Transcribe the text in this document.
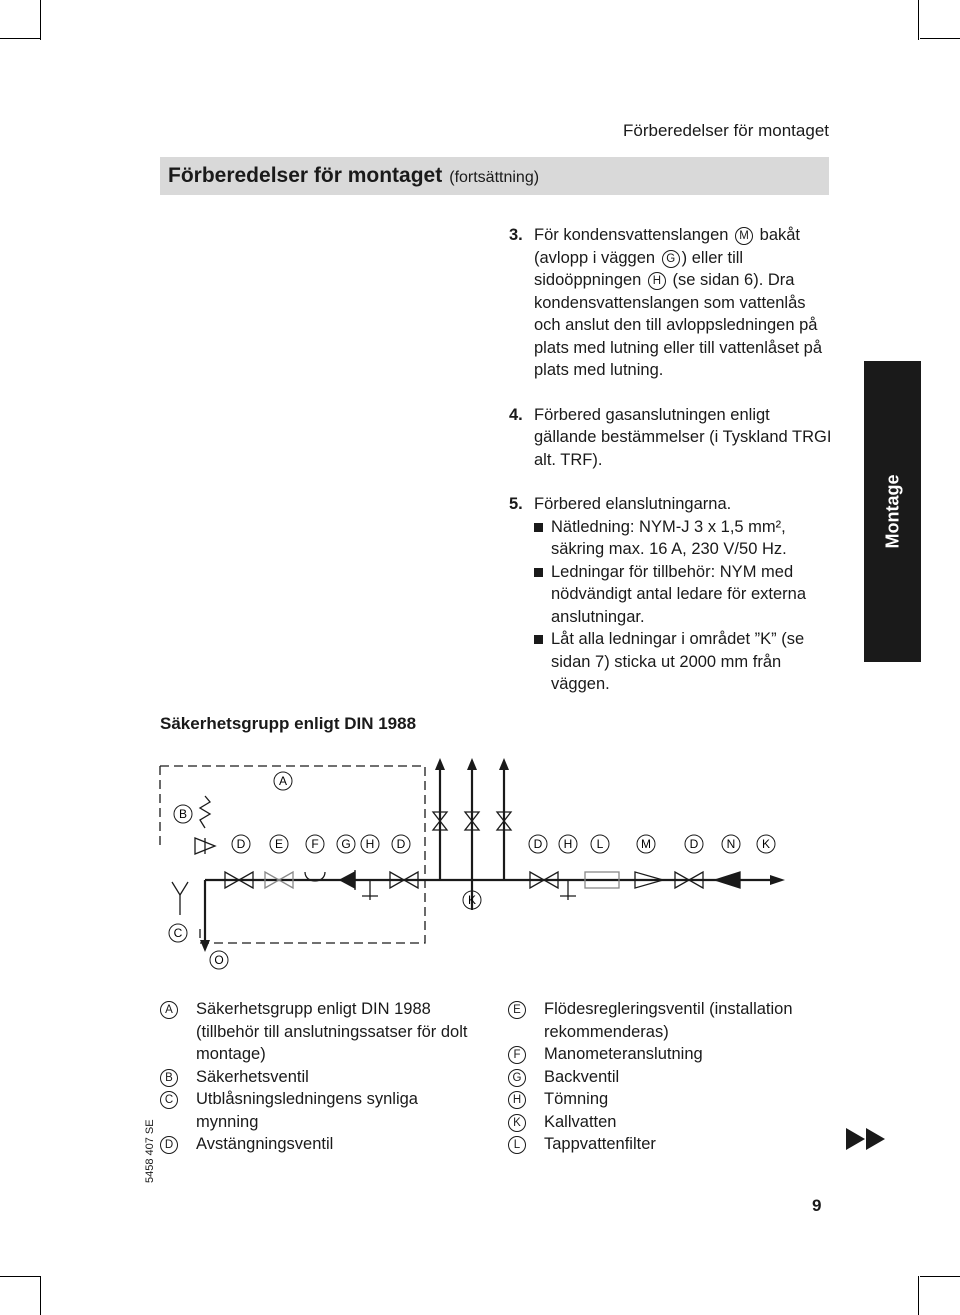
Förberedelser för montaget
Förberedelser för montaget (fortsättning)
3. För kondensvattenslangen M bakåt (avlopp i väggen G ) eller till sidoöppningen H (se sidan 6). Dra kondensvattenslangen som vattenlås och anslut den till avloppsledningen på plats med lutning eller till vattenlåset på plats med lutning.
4. Förbered gasanslutningen enligt gällande bestämmelser (i Tyskland TRGI alt. TRF).
5. Förbered elanslutningarna.
Nätledning: NYM-J 3 x 1,5 mm², säkring max. 16 A, 230 V/50 Hz.
Ledningar för tillbehör: NYM med nödvändigt antal ledare för externa anslutningar.
Låt alla ledningar i området ”K” (se sidan 7) sticka ut 2000 mm från väggen.
Montage
Säkerhetsgrupp enligt DIN 1988
A
B
C
D E F G H D	D H L	M	D N K
K
O
A	Säkerhetsgrupp enligt DIN 1988 (tillbehör till anslutningssatser för dolt montage)
B	Säkerhetsventil
C	Utblåsningsledningens synliga mynning
D	Avstängningsventil
E	Flödesregleringsventil (installation rekommenderas)
F	Manometeranslutning
G	Backventil
H	Tömning
K	Kallvatten
L	Tappvattenfilter
5458 407 SE
9
